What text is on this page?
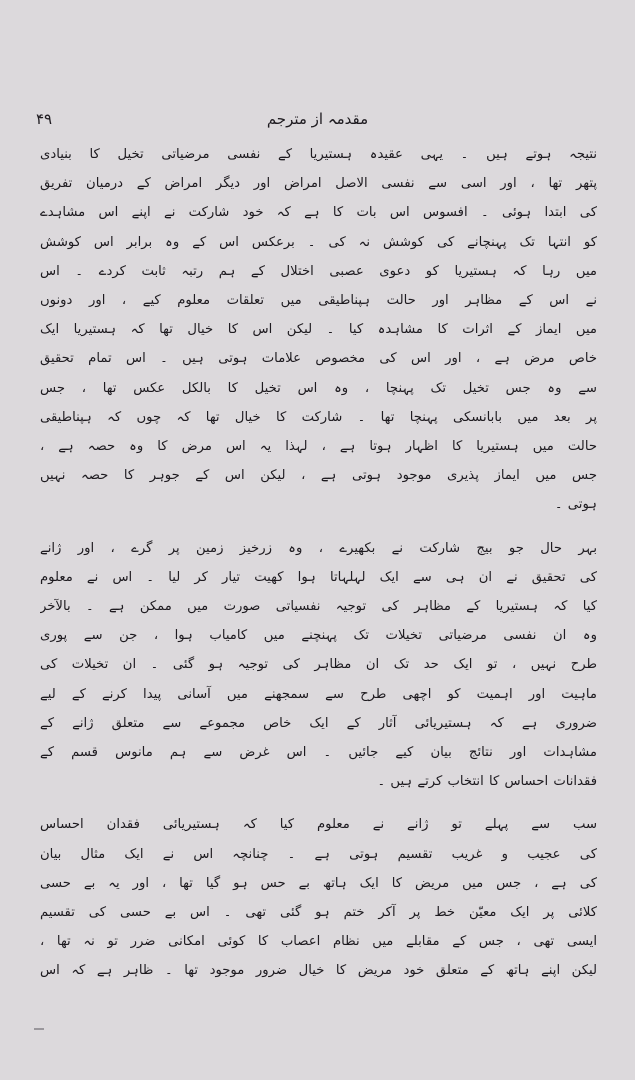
۴۹	مقدمہ از مترجم
نتیجہ ہوتے ہیں ۔ یہی عقیدہ ہستیریا کے نفسی مرضیاتی تخیل کا بنیادی
پتھر تھا ، اور اسی سے نفسی الاصل امراض اور دیگر امراض کے درمیان تفریق
کی ابتدا ہوئی ۔ افسوس اس بات کا ہے کہ خود شارکت نے اپنے اس مشاہدے
کو انتہا تک پہنچانے کی کوشش نہ کی ۔ برعکس اس کے وہ برابر اس کوشش
میں رہا کہ ہستیریا کو دعوی عصبی اختلال کے ہم رتبہ ثابت کردے ۔ اس
نے اس کے مظاہر اور حالت ہپناطیقی میں تعلقات معلوم کیے ، اور دونوں
میں ایماز کے اثرات کا مشاہدہ کیا ۔ لیکن اس کا خیال تھا کہ ہستیریا ایک
خاص مرض ہے ، اور اس کی مخصوص علامات ہوتی ہیں ۔ اس تمام تحقیق
سے وہ جس تخیل تک پہنچا ، وہ اس تخیل کا بالکل عکس تھا ، جس
پر بعد میں بابانسکی پہنچا تھا ۔ شارکت کا خیال تھا کہ چوں کہ ہپناطیقی
حالت میں ہستیریا کا اظہار ہوتا ہے ، لہذا یہ اس مرض کا وہ حصہ ہے ،
جس میں ایماز پذیری موجود ہوتی ہے ، لیکن اس کے جوہر کا حصہ نہیں
ہوتی ۔
بہر حال جو بیج شارکت نے بکھیرے ، وہ زرخیز زمین پر گرے ، اور ژانے
کی تحقیق نے ان ہی سے ایک لہلہاتا ہوا کھیت تیار کر لیا ۔ اس نے معلوم
کیا کہ ہستیریا کے مظاہر کی توجیہ نفسیاتی صورت میں ممکن ہے ۔ بالآخر
وہ ان نفسی مرضیاتی تخیلات تک پہنچنے میں کامیاب ہوا ، جن سے پوری
طرح نہیں ، تو ایک حد تک ان مظاہر کی توجیہ ہو گئی ۔ ان تخیلات کی
ماہیت اور اہمیت کو اچھی طرح سے سمجھنے میں آسانی پیدا کرنے کے لیے
ضروری ہے کہ ہستیریائی آثار کے ایک خاص مجموعے سے متعلق ژانے کے
مشاہدات اور نتائج بیان کیے جائیں ۔ اس غرض سے ہم مانوس قسم کے
فقدانات احساس کا انتخاب کرتے ہیں ۔
سب سے پہلے تو ژانے نے معلوم کیا کہ ہستیریائی فقدان احساس
کی عجیب و غریب تقسیم ہوتی ہے ۔ چنانچہ اس نے ایک مثال بیان
کی ہے ، جس میں مریض کا ایک ہاتھ بے حس ہو گیا تھا ، اور یہ بے حسی
کلائی پر ایک معیّن خط پر آکر ختم ہو گئی تھی ۔ اس بے حسی کی تقسیم
ایسی تھی ، جس کے مقابلے میں نظام اعصاب کا کوئی امکانی ضرر تو نہ تھا ،
لیکن اپنے ہاتھ کے متعلق خود مریض کا خیال ضرور موجود تھا ۔ ظاہر ہے کہ اس
